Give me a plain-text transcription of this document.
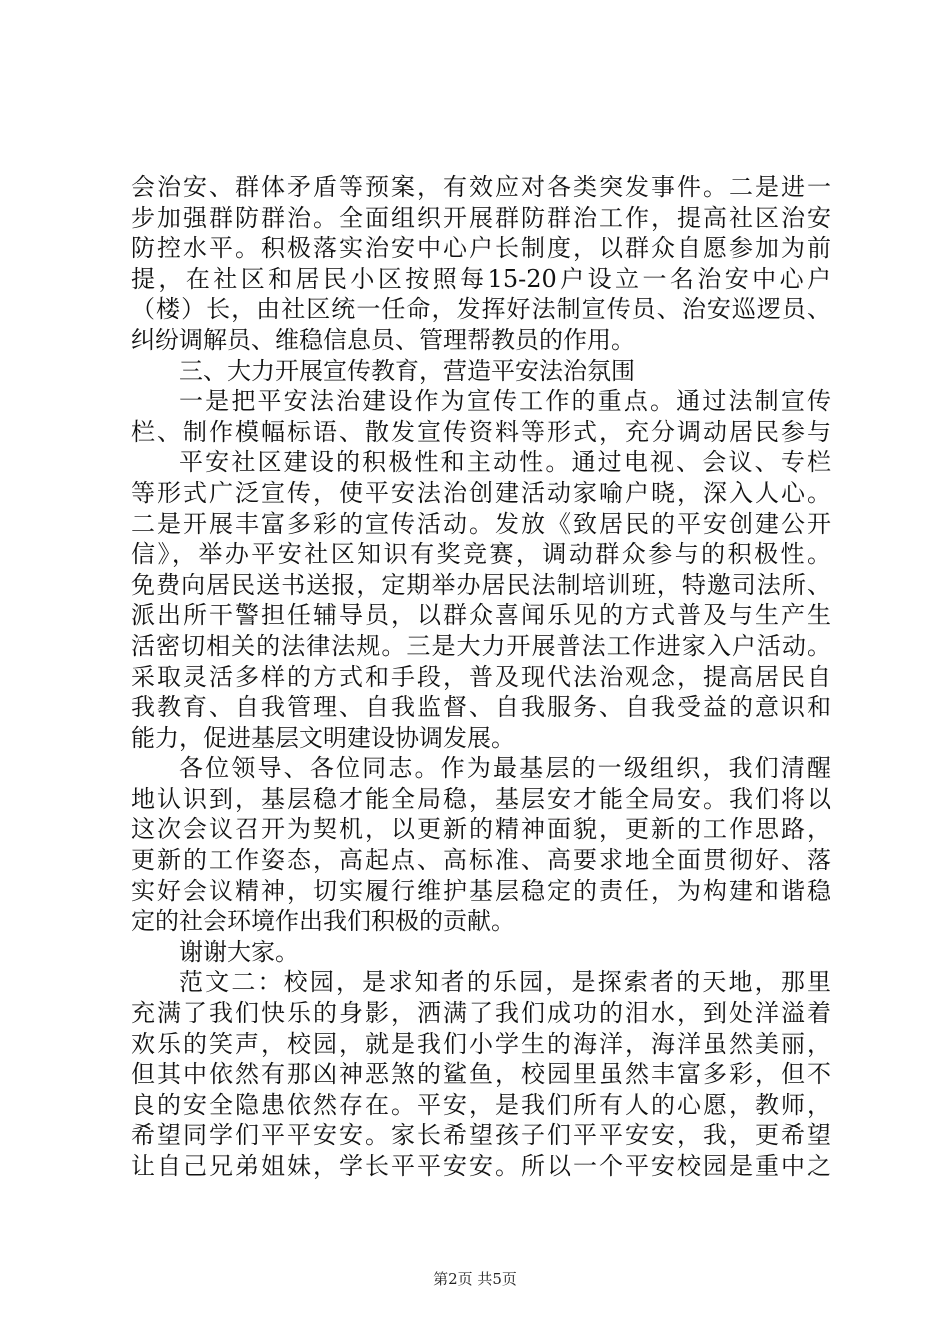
会治安、群体矛盾等预案，有效应对各类突发事件。二是进一
步加强群防群治。全面组织开展群防群治工作，提高社区治安
防控水平。积极落实治安中心户长制度，以群众自愿参加为前
提，在社区和居民小区按照每15-20户设立一名治安中心户
（楼）长，由社区统一任命，发挥好法制宣传员、治安巡逻员、
纠纷调解员、维稳信息员、管理帮教员的作用。
三、大力开展宣传教育，营造平安法治氛围
一是把平安法治建设作为宣传工作的重点。通过法制宣传
栏、制作模幅标语、散发宣传资料等形式，充分调动居民参与
平安社区建设的积极性和主动性。通过电视、会议、专栏
等形式广泛宣传，使平安法治创建活动家喻户晓，深入人心。
二是开展丰富多彩的宣传活动。发放《致居民的平安创建公开
信》，举办平安社区知识有奖竞赛，调动群众参与的积极性。
免费向居民送书送报，定期举办居民法制培训班，特邀司法所、
派出所干警担任辅导员，以群众喜闻乐见的方式普及与生产生
活密切相关的法律法规。三是大力开展普法工作进家入户活动。
采取灵活多样的方式和手段，普及现代法治观念，提高居民自
我教育、自我管理、自我监督、自我服务、自我受益的意识和
能力，促进基层文明建设协调发展。
各位领导、各位同志。作为最基层的一级组织，我们清醒
地认识到，基层稳才能全局稳，基层安才能全局安。我们将以
这次会议召开为契机，以更新的精神面貌，更新的工作思路，
更新的工作姿态，高起点、高标准、高要求地全面贯彻好、落
实好会议精神，切实履行维护基层稳定的责任，为构建和谐稳
定的社会环境作出我们积极的贡献。
谢谢大家。
范文二：校园，是求知者的乐园，是探索者的天地，那里
充满了我们快乐的身影，洒满了我们成功的泪水，到处洋溢着
欢乐的笑声，校园，就是我们小学生的海洋，海洋虽然美丽，
但其中依然有那凶神恶煞的鲨鱼，校园里虽然丰富多彩，但不
良的安全隐患依然存在。平安，是我们所有人的心愿，教师，
希望同学们平平安安。家长希望孩子们平平安安，我，更希望
让自己兄弟姐妹，学长平平安安。所以一个平安校园是重中之
第2页 共5页
